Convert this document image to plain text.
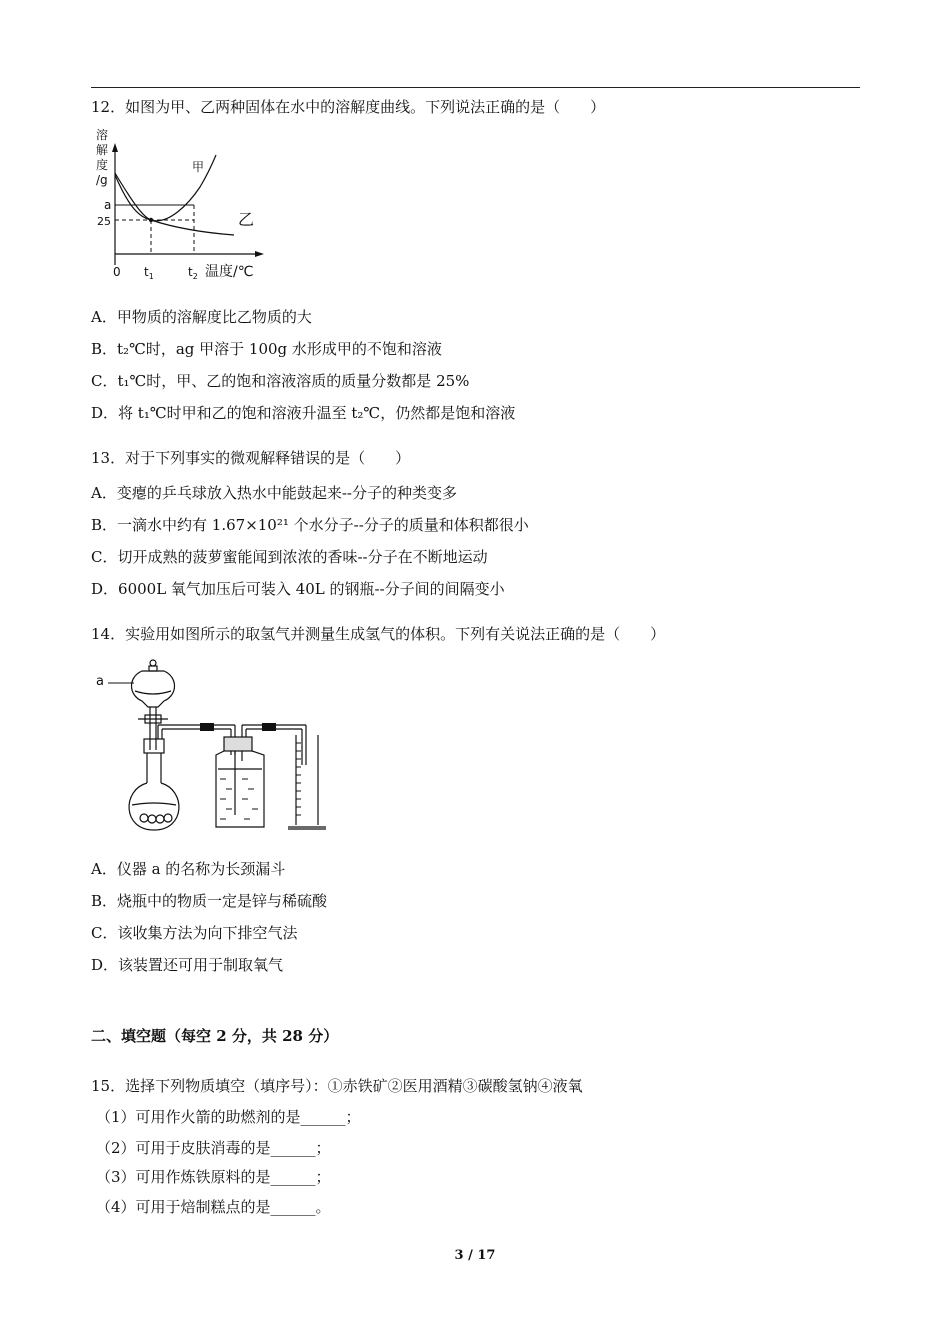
12．如图为甲、乙两种固体在水中的溶解度曲线。下列说法正确的是（　　）
溶
解
度
/g
甲
乙
a
25
0 $t_1$	$t_2$ 温度/℃
A．甲物质的溶解度比乙物质的大
B．t₂℃时，ag 甲溶于 100g 水形成甲的不饱和溶液
C．t₁℃时，甲、乙的饱和溶液溶质的质量分数都是 25%
D．将 t₁℃时甲和乙的饱和溶液升温至 t₂℃，仍然都是饱和溶液
13．对于下列事实的微观解释错误的是（　　）
A．变瘪的乒乓球放入热水中能鼓起来--分子的种类变多
B．一滴水中约有 1.67×10²¹ 个水分子--分子的质量和体积都很小
C．切开成熟的菠萝蜜能闻到浓浓的香味--分子在不断地运动
D．6000L 氧气加压后可装入 40L 的钢瓶--分子间的间隔变小
14．实验用如图所示的取氢气并测量生成氢气的体积。下列有关说法正确的是（　　）
a
A．仪器 a 的名称为长颈漏斗
B．烧瓶中的物质一定是锌与稀硫酸
C．该收集方法为向下排空气法
D．该装置还可用于制取氧气
二、填空题（每空 2 分，共 28 分）
15．选择下列物质填空（填序号）：①赤铁矿②医用酒精③碳酸氢钠④液氧
（1）可用作火箭的助燃剂的是______；
（2）可用于皮肤消毒的是______；
（3）可用作炼铁原料的是______；
（4）可用于焙制糕点的是______。
3 / 17
